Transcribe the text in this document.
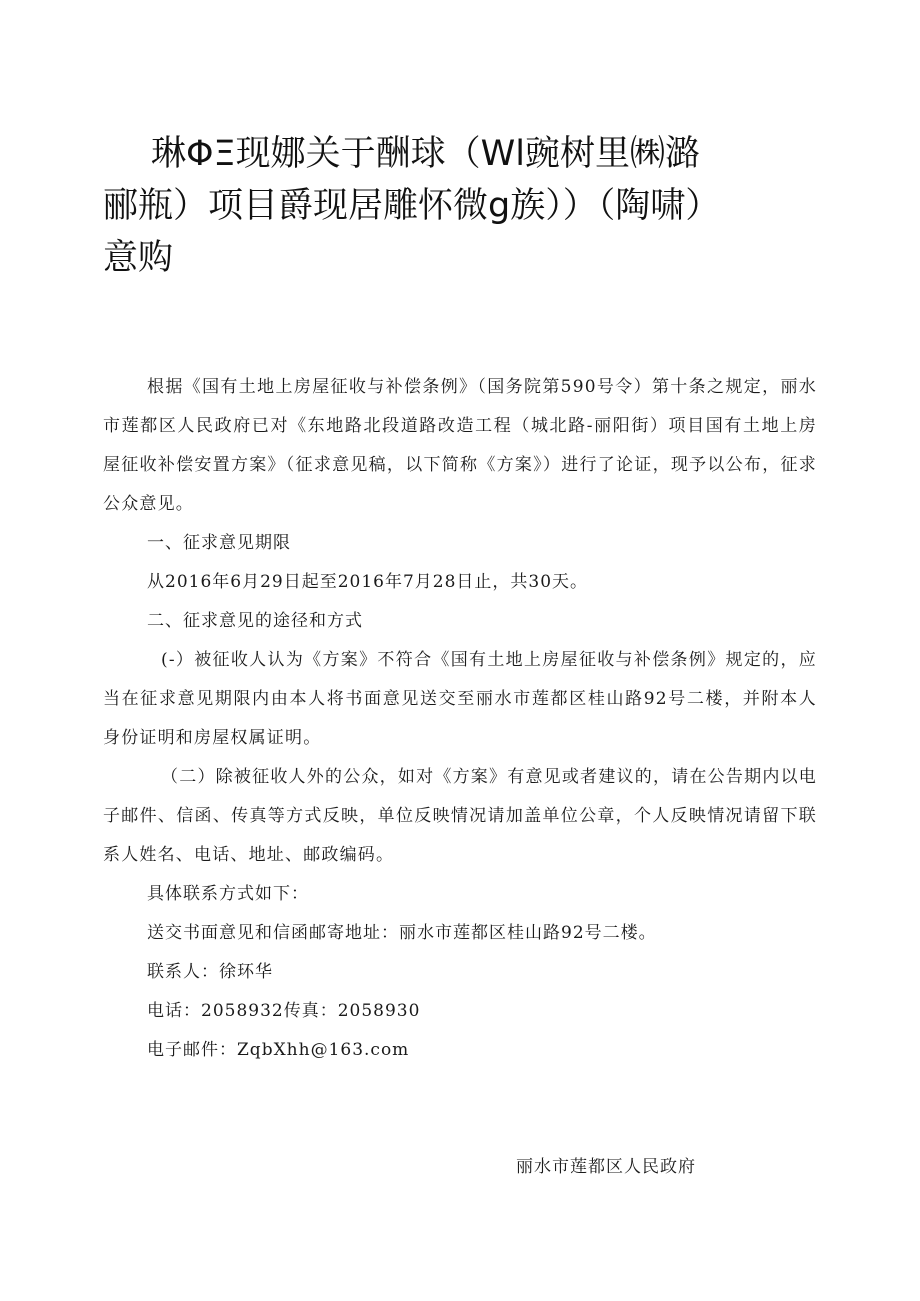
琳ΦΞ现娜关于酬球（Wl豌树里㈱潞
郦瓶）项目爵现居雕怀微g族））（陶啸）
意购

根据《国有土地上房屋征收与补偿条例》（国务院第590号令）第十条之规定，丽水市莲都区人民政府已对《东地路北段道路改造工程（城北路-丽阳街）项目国有土地上房屋征收补偿安置方案》（征求意见稿，以下简称《方案》）进行了论证，现予以公布，征求公众意见。

一、征求意见期限
从2016年6月29日起至2016年7月28日止，共30天。
二、征求意见的途径和方式

(-）被征收人认为《方案》不符合《国有土地上房屋征收与补偿条例》规定的，应当在征求意见期限内由本人将书面意见送交至丽水市莲都区桂山路92号二楼，并附本人身份证明和房屋权属证明。

（二）除被征收人外的公众，如对《方案》有意见或者建议的，请在公告期内以电子邮件、信函、传真等方式反映，单位反映情况请加盖单位公章，个人反映情况请留下联系人姓名、电话、地址、邮政编码。

具体联系方式如下：
送交书面意见和信函邮寄地址：丽水市莲都区桂山路92号二楼。
联系人：徐环华
电话：2058932传真：2058930
电子邮件：ZqbXhh@163.com
丽水市莲都区人民政府
